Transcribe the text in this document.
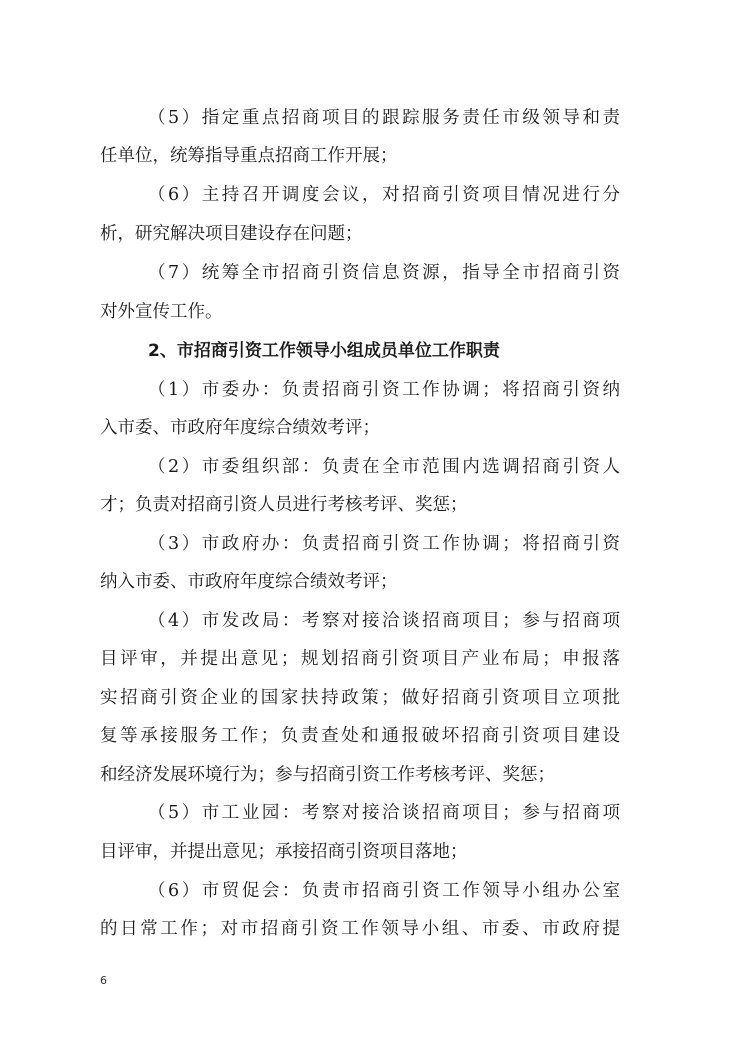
（5）指定重点招商项目的跟踪服务责任市级领导和责
任单位，统筹指导重点招商工作开展；
（6）主持召开调度会议，对招商引资项目情况进行分
析，研究解决项目建设存在问题；
（7）统筹全市招商引资信息资源，指导全市招商引资
对外宣传工作。
2、市招商引资工作领导小组成员单位工作职责
（1）市委办：负责招商引资工作协调；将招商引资纳
入市委、市政府年度综合绩效考评；
（2）市委组织部：负责在全市范围内选调招商引资人
才；负责对招商引资人员进行考核考评、奖惩；
（3）市政府办：负责招商引资工作协调；将招商引资
纳入市委、市政府年度综合绩效考评；
（4）市发改局：考察对接洽谈招商项目；参与招商项
目评审，并提出意见；规划招商引资项目产业布局；申报落
实招商引资企业的国家扶持政策；做好招商引资项目立项批
复等承接服务工作；负责查处和通报破坏招商引资项目建设
和经济发展环境行为；参与招商引资工作考核考评、奖惩；
（5）市工业园：考察对接洽谈招商项目；参与招商项
目评审，并提出意见；承接招商引资项目落地；
（6）市贸促会：负责市招商引资工作领导小组办公室
的日常工作；对市招商引资工作领导小组、市委、市政府提
6
